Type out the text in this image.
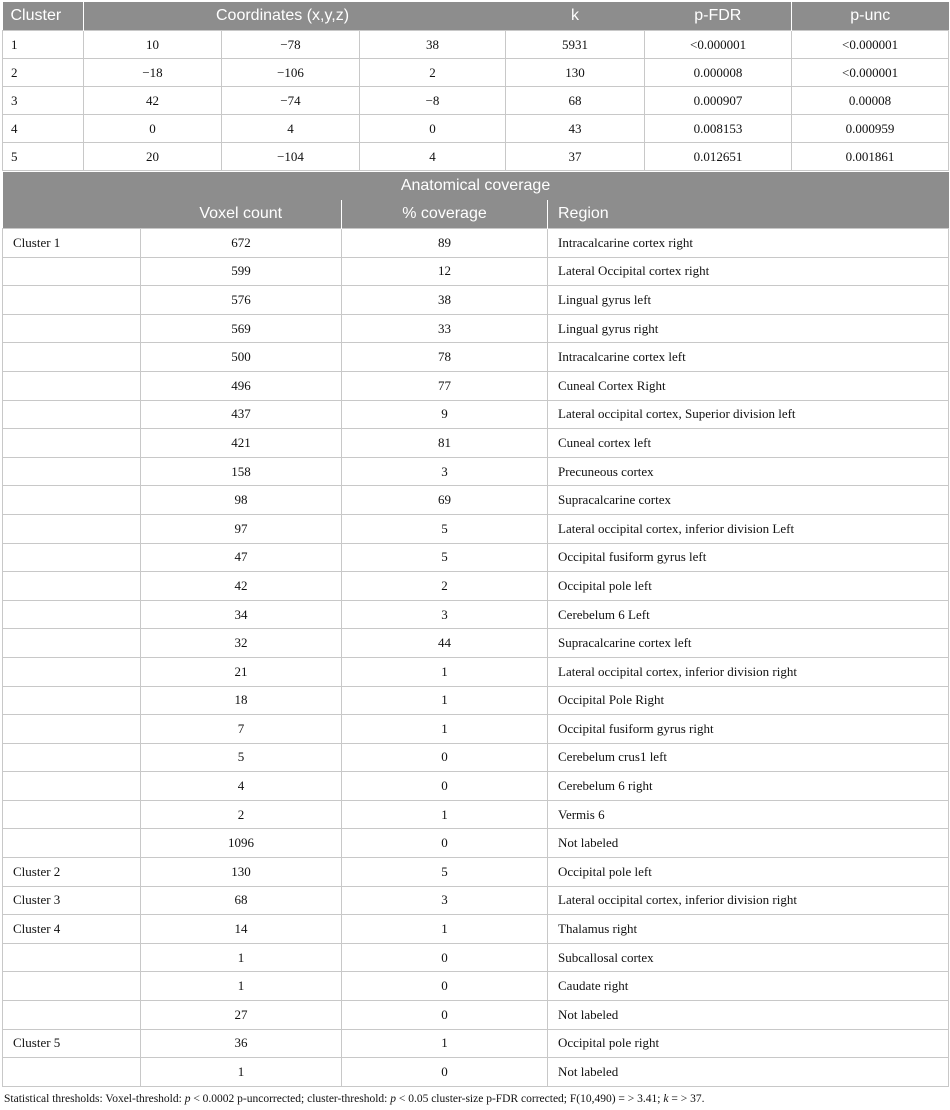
Cluster	Coordinates (x,y,z)			k	p-FDR	p-unc
1	10	−78	38	5931	<0.000001	<0.000001
2	−18	−106	2	130	0.000008	<0.000001
3	42	−74	−8	68	0.000907	0.00008
4	0	4	0	43	0.008153	0.000959
5	20	−104	4	37	0.012651	0.001861
Anatomical coverage			
	Voxel count	% coverage	Region
Cluster 1	672	89	Intracalcarine cortex right
	599	12	Lateral Occipital cortex right
	576	38	Lingual gyrus left
	569	33	Lingual gyrus right
	500	78	Intracalcarine cortex left
	496	77	Cuneal Cortex Right
	437	9	Lateral occipital cortex, Superior division left
	421	81	Cuneal cortex left
	158	3	Precuneous cortex
	98	69	Supracalcarine cortex
	97	5	Lateral occipital cortex, inferior division Left
	47	5	Occipital fusiform gyrus left
	42	2	Occipital pole left
	34	3	Cerebelum 6 Left
	32	44	Supracalcarine cortex left
	21	1	Lateral occipital cortex, inferior division right
	18	1	Occipital Pole Right
	7	1	Occipital fusiform gyrus right
	5	0	Cerebelum crus1 left
	4	0	Cerebelum 6 right
	2	1	Vermis 6
	1096	0	Not labeled
Cluster 2	130	5	Occipital pole left
Cluster 3	68	3	Lateral occipital cortex, inferior division right
Cluster 4	14	1	Thalamus right
	1	0	Subcallosal cortex
	1	0	Caudate right
	27	0	Not labeled
Cluster 5	36	1	Occipital pole right
	1	0	Not labeled
Statistical thresholds: Voxel-threshold: p < 0.0002 p-uncorrected; cluster-threshold: p < 0.05 cluster-size p-FDR corrected; F(10,490) = > 3.41; k = > 37.
